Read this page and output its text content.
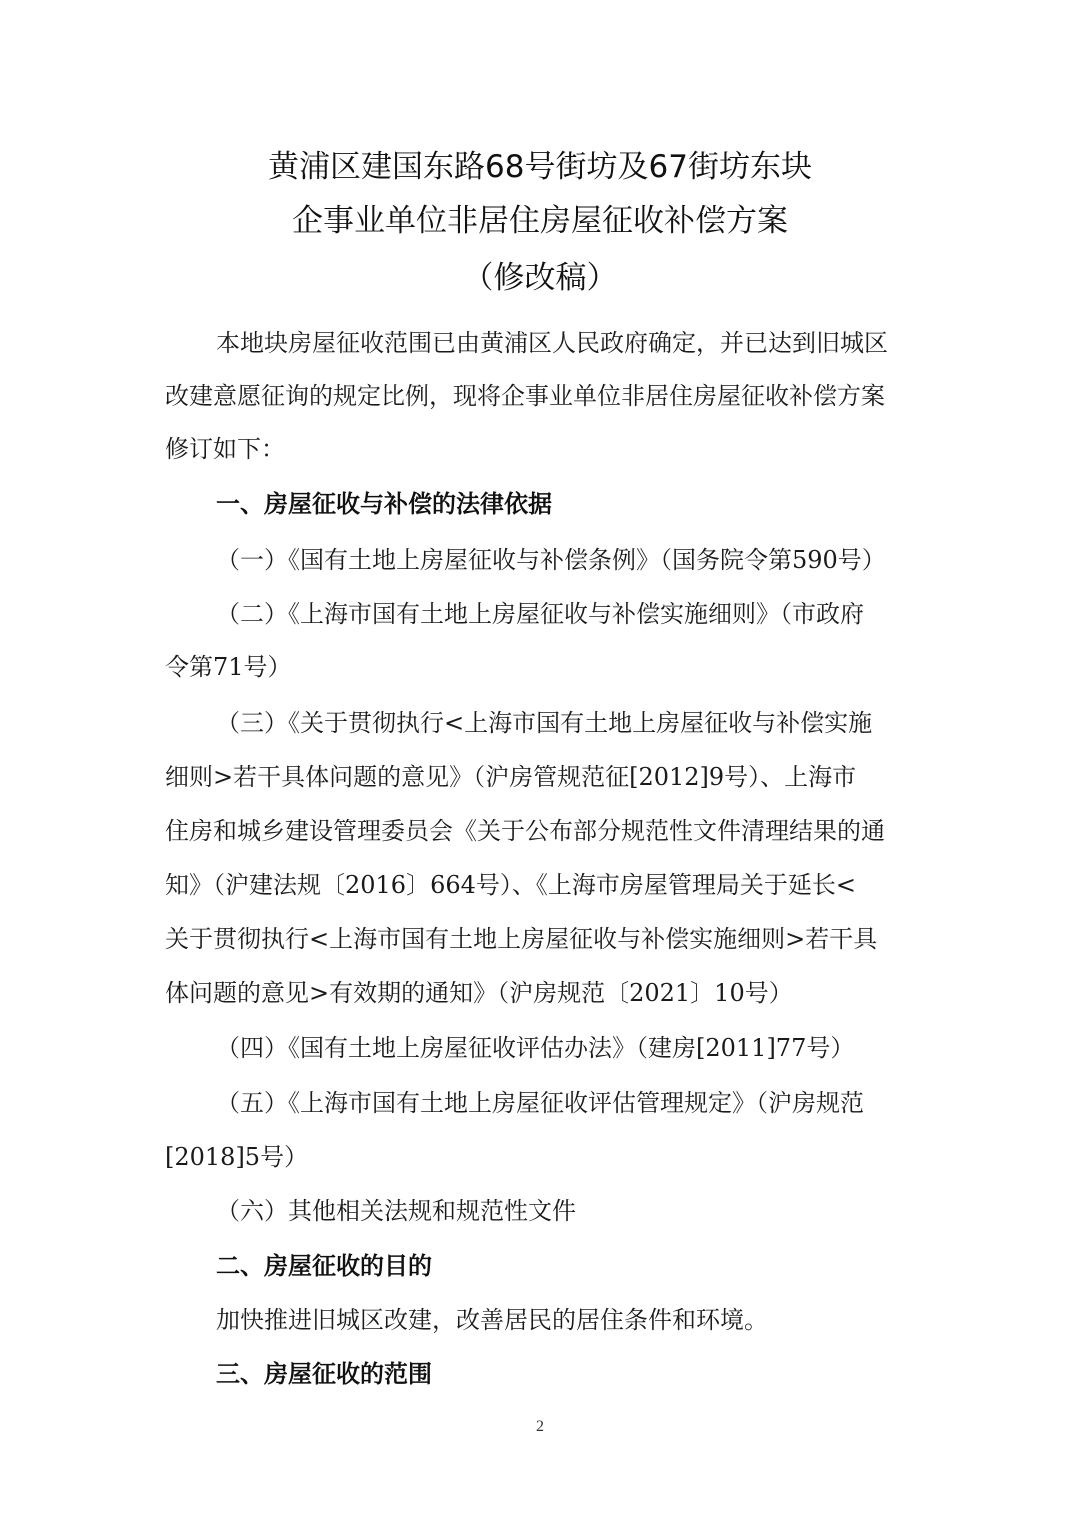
黄浦区建国东路68号街坊及67街坊东块
企事业单位非居住房屋征收补偿方案
（修改稿）
本地块房屋征收范围已由黄浦区人民政府确定，并已达到旧城区
改建意愿征询的规定比例，现将企事业单位非居住房屋征收补偿方案
修订如下：
一、房屋征收与补偿的法律依据
（一）《国有土地上房屋征收与补偿条例》（国务院令第590号）
（二）《上海市国有土地上房屋征收与补偿实施细则》（市政府
令第71号）
（三）《关于贯彻执行<上海市国有土地上房屋征收与补偿实施
细则>若干具体问题的意见》（沪房管规范征[2012]9号）、上海市
住房和城乡建设管理委员会《关于公布部分规范性文件清理结果的通
知》（沪建法规〔2016〕664号）、《上海市房屋管理局关于延长<
关于贯彻执行<上海市国有土地上房屋征收与补偿实施细则>若干具
体问题的意见>有效期的通知》（沪房规范〔2021〕10号）
（四）《国有土地上房屋征收评估办法》（建房[2011]77号）
（五）《上海市国有土地上房屋征收评估管理规定》（沪房规范
[2018]5号）
（六）其他相关法规和规范性文件
二、房屋征收的目的
加快推进旧城区改建，改善居民的居住条件和环境。
三、房屋征收的范围
2
